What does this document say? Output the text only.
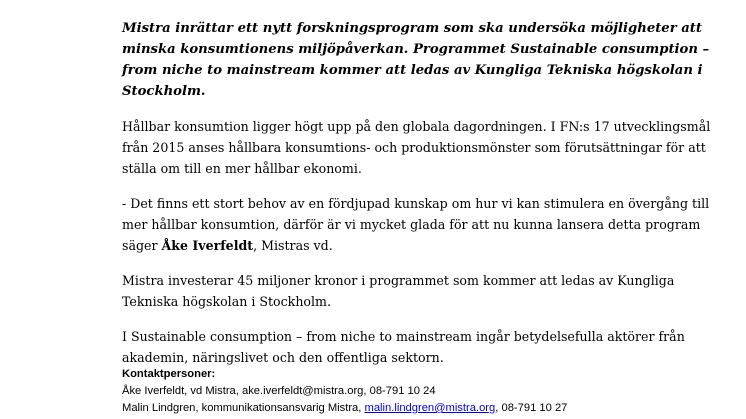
Mistra inrättar ett nytt forskningsprogram som ska undersöka möjligheter att minska konsumtionens miljöpåverkan. Programmet Sustainable consumption – from niche to mainstream kommer att ledas av Kungliga Tekniska högskolan i Stockholm.

Hållbar konsumtion ligger högt upp på den globala dagordningen. I FN:s 17 utvecklingsmål från 2015 anses hållbara konsumtions- och produktionsmönster som förutsättningar för att ställa om till en mer hållbar ekonomi.

- Det finns ett stort behov av en fördjupad kunskap om hur vi kan stimulera en övergång till mer hållbar konsumtion, därför är vi mycket glada för att nu kunna lansera detta program säger Åke Iverfeldt, Mistras vd.

Mistra investerar 45 miljoner kronor i programmet som kommer att ledas av Kungliga Tekniska högskolan i Stockholm.

I Sustainable consumption – from niche to mainstream ingår betydelsefulla aktörer från akademin, näringslivet och den offentliga sektorn.

Kontaktpersoner:
Åke Iverfeldt, vd Mistra, ake.iverfeldt@mistra.org, 08-791 10 24
Malin Lindgren, kommunikationsansvarig Mistra, malin.lindgren@mistra.org, 08-791 10 27
